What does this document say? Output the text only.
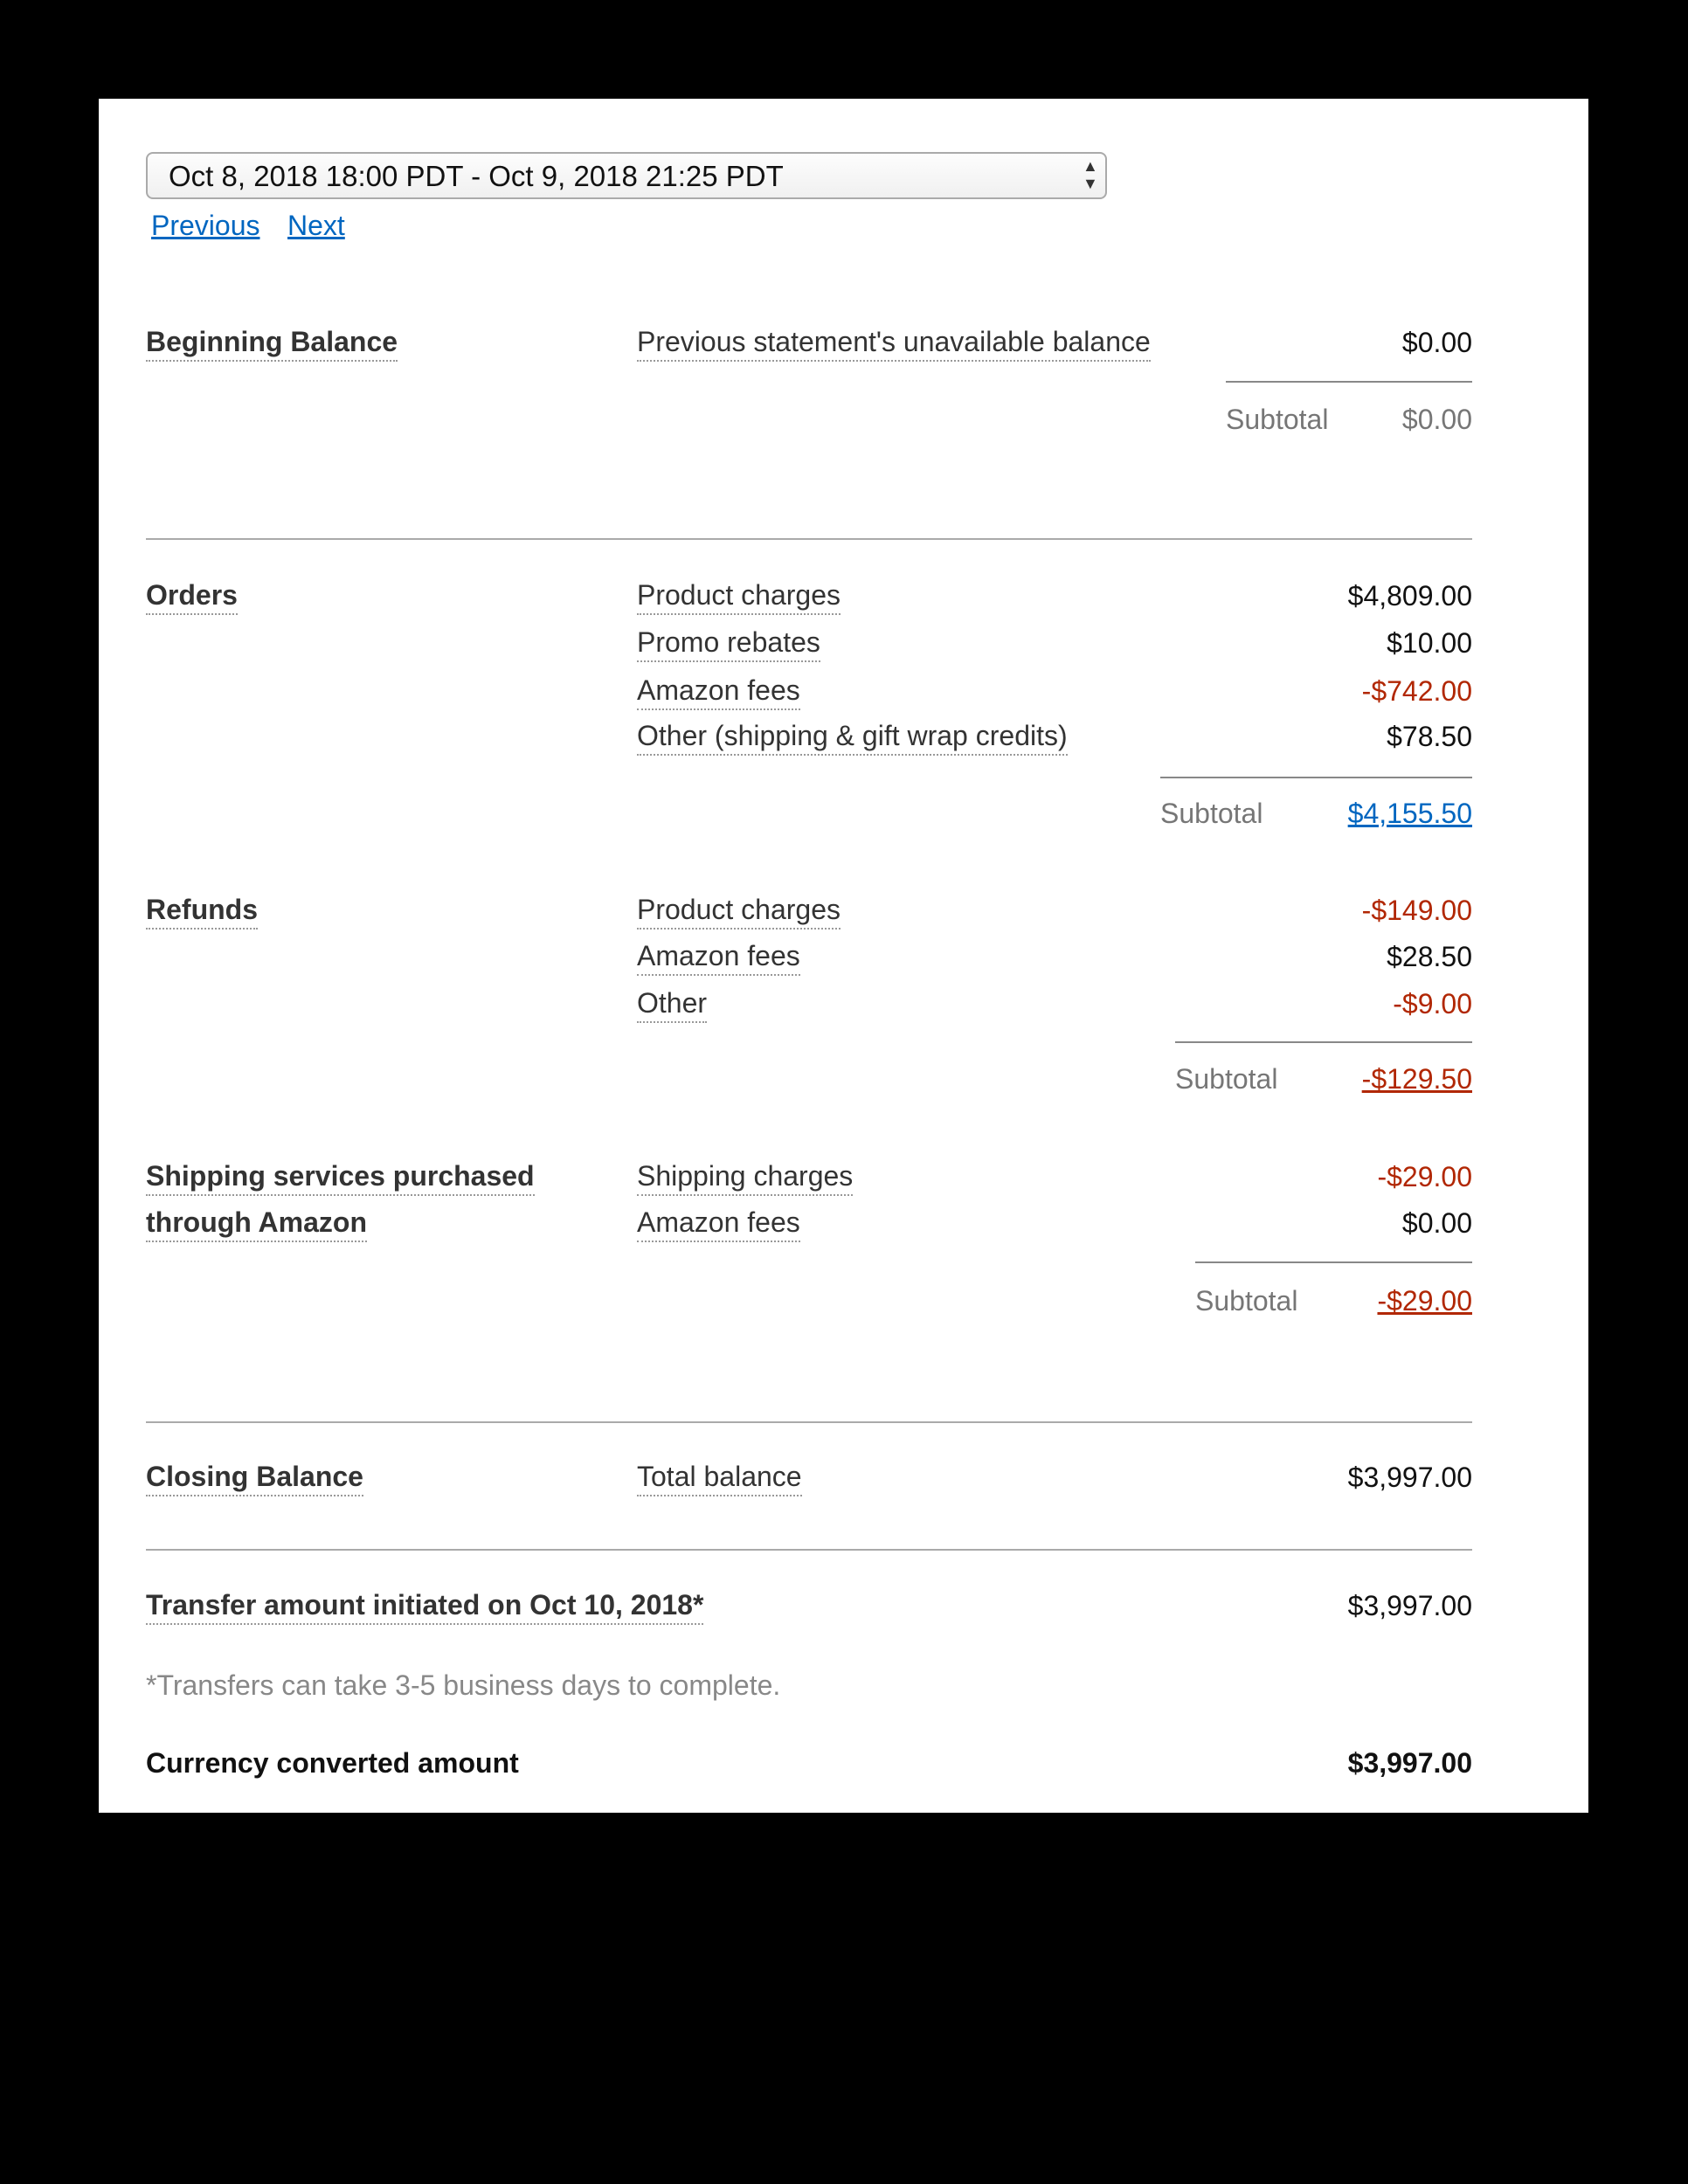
Oct 8, 2018 18:00 PDT - Oct 9, 2018 21:25 PDT	▲
▼
Previous Next
Beginning Balance	Previous statement's unavailable balance	$0.00
Subtotal	$0.00
Orders	Product charges	$4,809.00
Promo rebates	$10.00
Amazon fees	-$742.00
Other (shipping & gift wrap credits)	$78.50
Subtotal	$4,155.50
Refunds	Product charges	-$149.00
Amazon fees	$28.50
Other	-$9.00
Subtotal	-$129.50
Shipping services purchased
through Amazon
Shipping charges	-$29.00
Amazon fees	$0.00
Subtotal	-$29.00
Closing Balance	Total balance	$3,997.00
Transfer amount initiated on Oct 10, 2018*	$3,997.00
*Transfers can take 3-5 business days to complete.
Currency converted amount	$3,997.00
